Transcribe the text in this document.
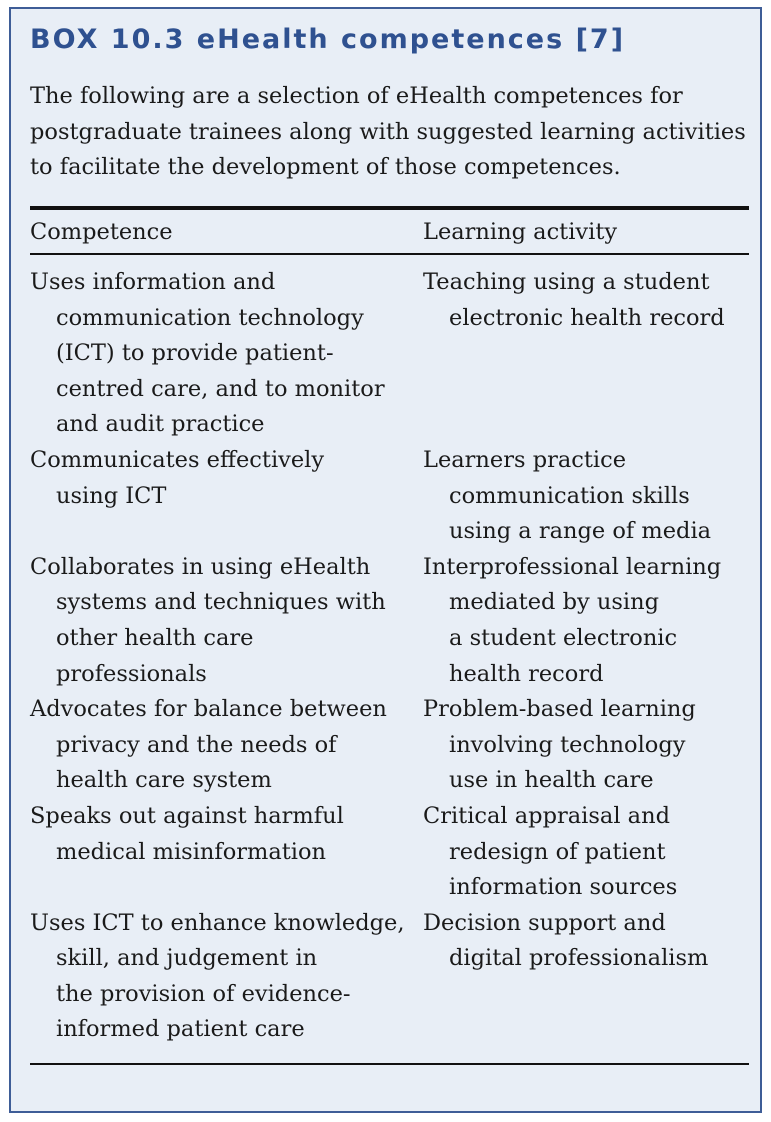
BOX 10.3 eHealth competences [7]

The following are a selection of eHealth competences for postgraduate trainees along with suggested learning activities to facilitate the development of those competences.

Competence	Learning activity
Uses information and
communication technology
(ICT) to provide patient-
centred care, and to monitor
and audit practice
Teaching using a student
electronic health record
Communicates effectively
using ICT
Learners practice
communication skills
using a range of media
Collaborates in using eHealth
systems and techniques with
other health care
professionals
Interprofessional learning
mediated by using
a student electronic
health record
Advocates for balance between
privacy and the needs of
health care system
Problem-based learning
involving technology
use in health care
Speaks out against harmful
medical misinformation
Critical appraisal and
redesign of patient
information sources
Uses ICT to enhance knowledge,
skill, and judgement in
the provision of evidence-
informed patient care
Decision support and
digital professionalism
